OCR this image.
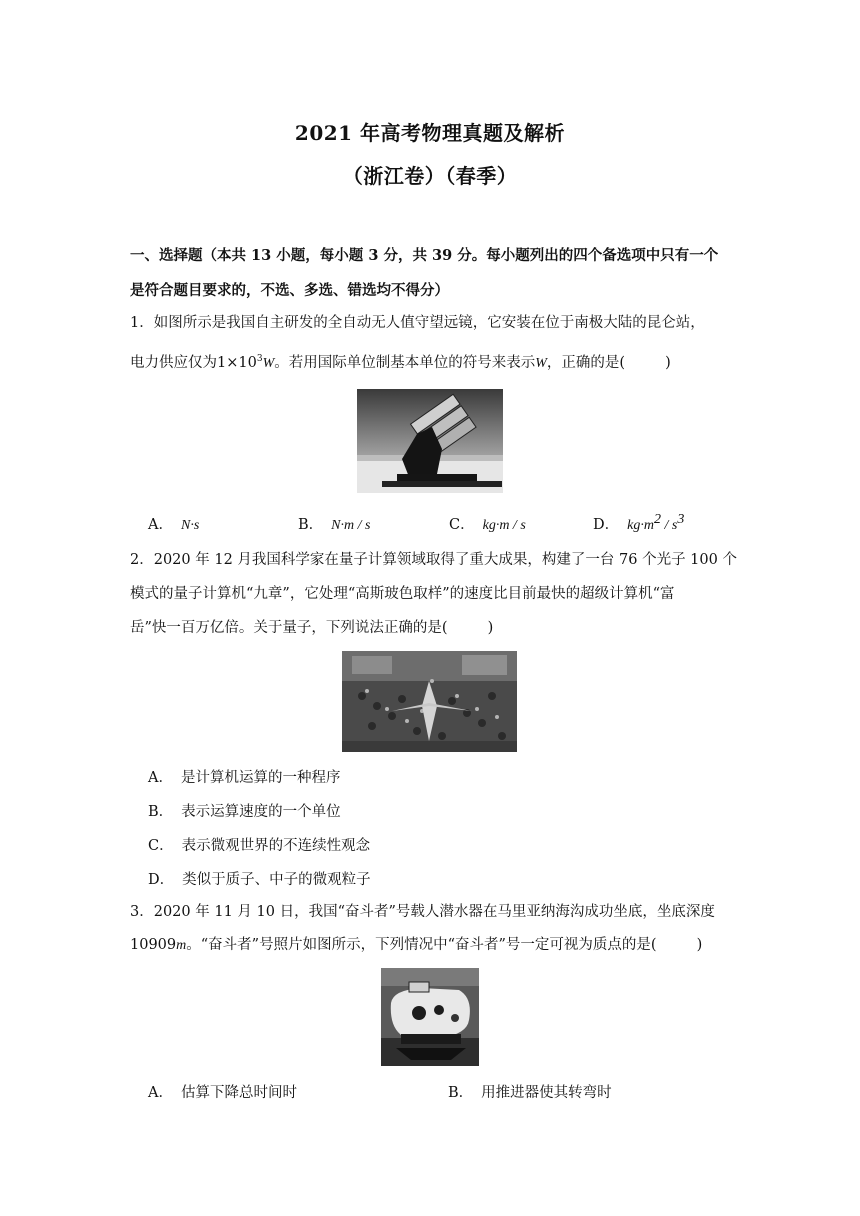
2021 年高考物理真题及解析
（浙江卷）（春季）
一、选择题（本共 13 小题，每小题 3 分，共 39 分。每小题列出的四个备选项中只有一个
是符合题目要求的，不选、多选、错选均不得分）
1．如图所示是我国自主研发的全自动无人值守望远镜，它安装在位于南极大陆的昆仑站，
电力供应仅为$1\times 10^3W$。若用国际单位制基本单位的符号来表示W，正确的是(	)
A． N·s	B． N·m / s	C． kg·m / s	D． $kg\cdot m^2 / s^3$
2．2020 年 12 月我国科学家在量子计算领域取得了重大成果，构建了一台 76 个光子 100 个
模式的量子计算机“九章”，它处理“高斯玻色取样”的速度比目前最快的超级计算机“富
岳”快一百万亿倍。关于量子，下列说法正确的是(	)
A． 是计算机运算的一种程序
B． 表示运算速度的一个单位
C． 表示微观世界的不连续性观念
D． 类似于质子、中子的微观粒子
3．2020 年 11 月 10 日，我国“奋斗者”号载人潜水器在马里亚纳海沟成功坐底，坐底深度
10909m。“奋斗者”号照片如图所示，下列情况中“奋斗者”号一定可视为质点的是(	)
A． 估算下降总时间时	B． 用推进器使其转弯时
